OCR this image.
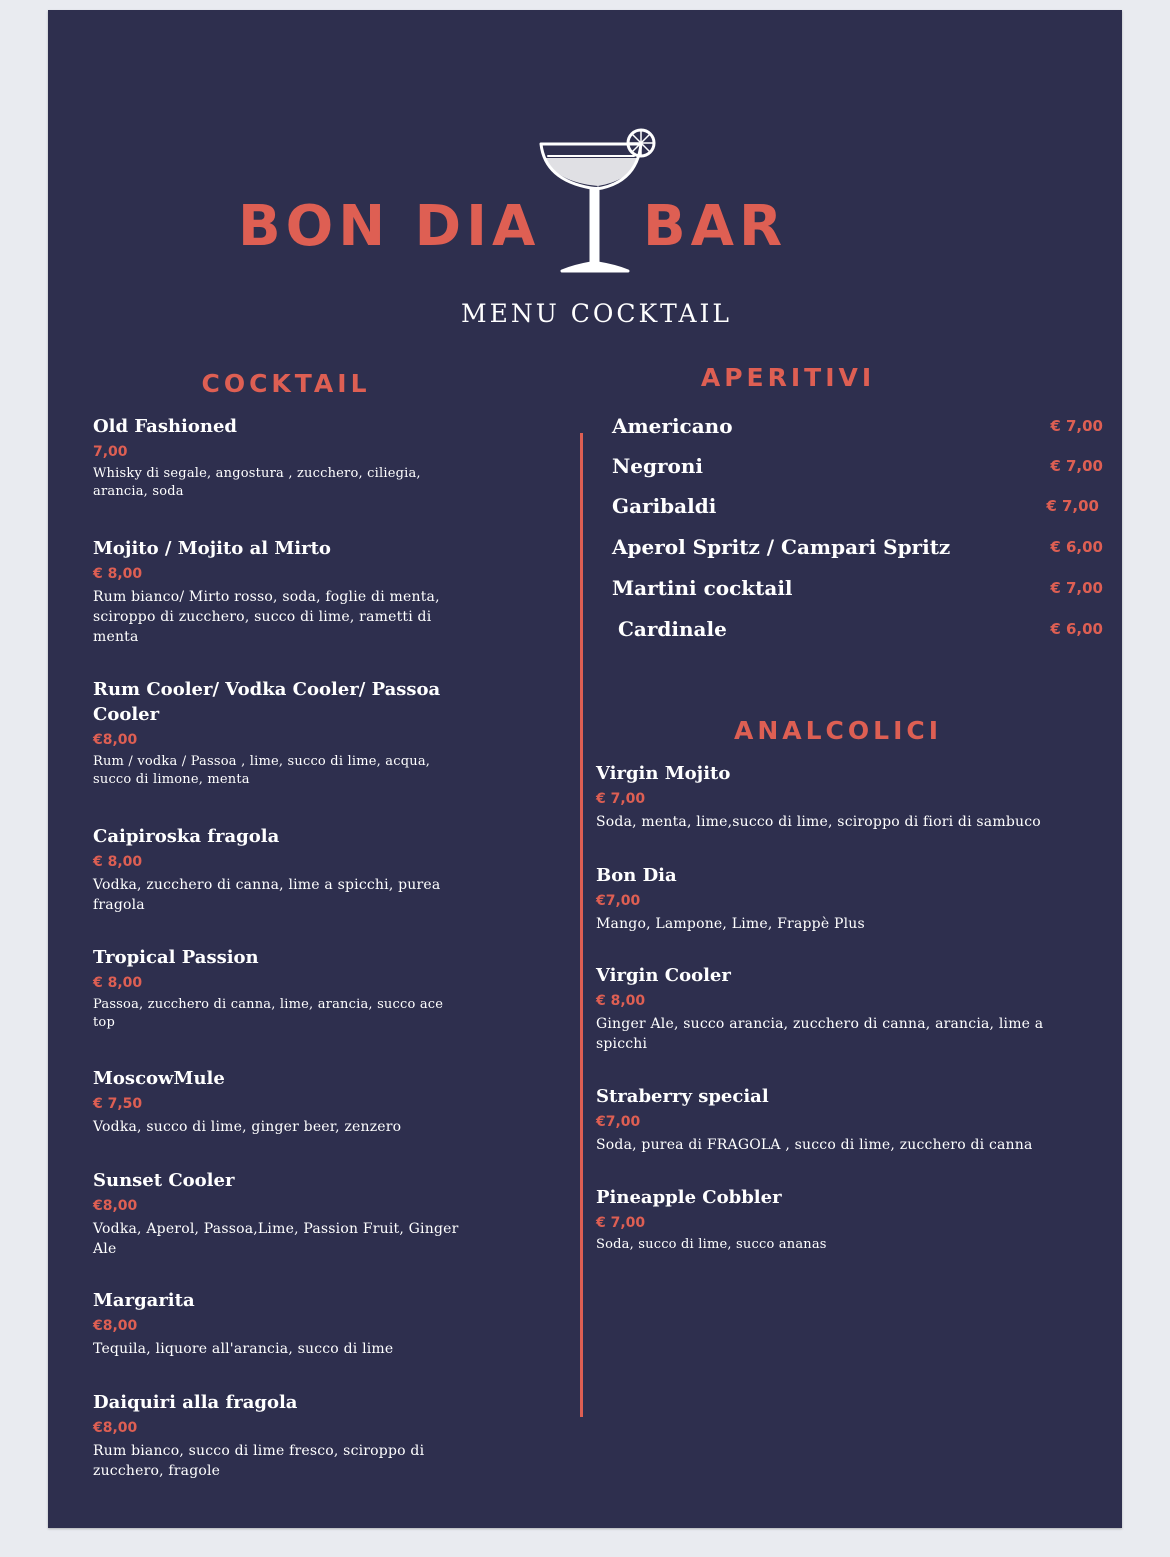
BON DIA BAR
MENU COCKTAIL
COCKTAIL	APERITIVI
ANALCOLICI
Old Fashioned
7,00
Whisky di segale, angostura , zucchero, ciliegia, arancia, soda
Mojito / Mojito al Mirto
€ 8,00
Rum bianco/ Mirto rosso, soda, foglie di menta, sciroppo di zucchero, succo di lime, rametti di menta
Rum Cooler/ Vodka Cooler/ Passoa Cooler
€8,00
Rum / vodka / Passoa , lime, succo di lime, acqua, succo di limone, menta
Caipiroska fragola
€ 8,00
Vodka, zucchero di canna, lime a spicchi, purea fragola
Tropical Passion
€ 8,00
Passoa, zucchero di canna, lime, arancia, succo ace top
MoscowMule
€ 7,50
Vodka, succo di lime, ginger beer, zenzero
Sunset Cooler
€8,00
Vodka, Aperol, Passoa,Lime, Passion Fruit, Ginger Ale
Margarita
€8,00
Tequila, liquore all'arancia, succo di lime
Daiquiri alla fragola
€8,00
Rum bianco, succo di lime fresco, sciroppo di zucchero, fragole
Americano	€ 7,00
Negroni	€ 7,00
Garibaldi	€ 7,00
Aperol Spritz / Campari Spritz	€ 6,00
Martini cocktail	€ 7,00
Cardinale	€ 6,00
Virgin Mojito
€ 7,00
Soda, menta, lime,succo di lime, sciroppo di fiori di sambuco
Bon Dia
€7,00
Mango, Lampone, Lime, Frappè Plus
Virgin Cooler
€ 8,00
Ginger Ale, succo arancia, zucchero di canna, arancia, lime a spicchi
Straberry special
€7,00
Soda, purea di FRAGOLA , succo di lime, zucchero di canna
Pineapple Cobbler
€ 7,00
Soda, succo di lime, succo ananas
